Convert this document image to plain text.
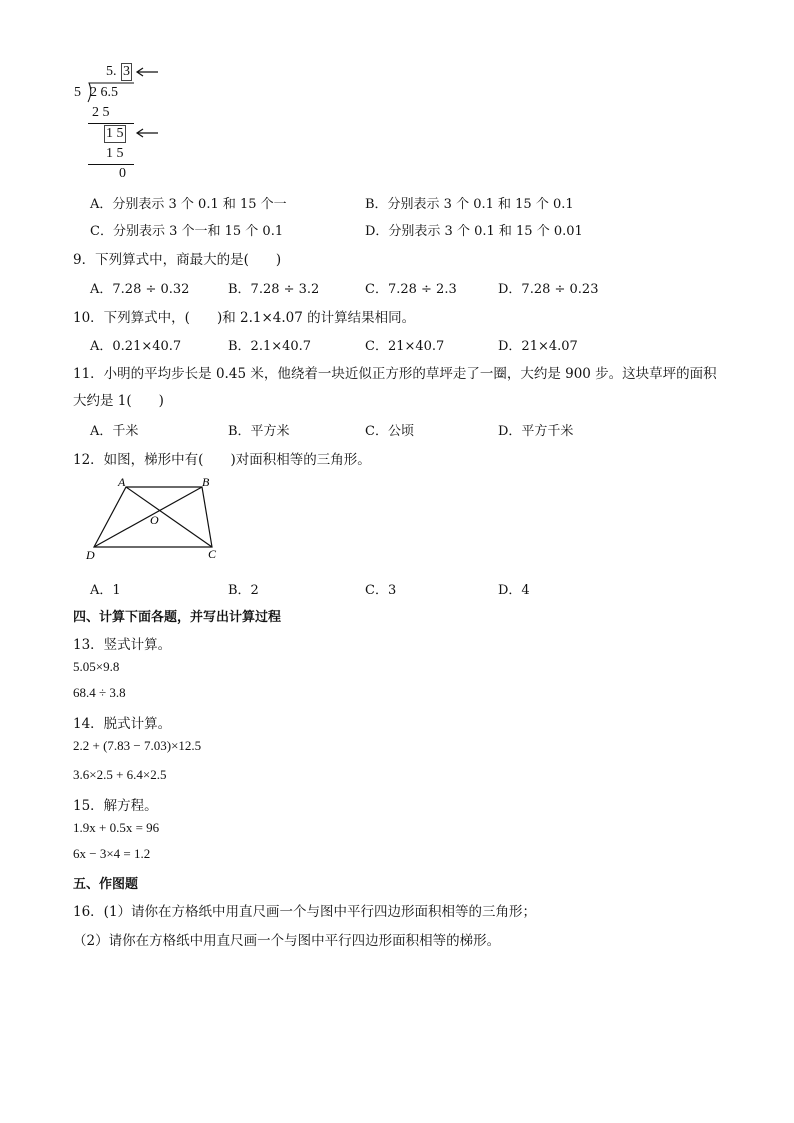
5. 3
5 2 6.5
2 5
1 5
1 5
0
A．分别表示 3 个 0.1 和 15 个一	B．分别表示 3 个 0.1 和 15 个 0.1
C．分别表示 3 个一和 15 个 0.1	D．分别表示 3 个 0.1 和 15 个 0.01
9．下列算式中，商最大的是(　　)
A．7.28 ÷ 0.32	B．7.28 ÷ 3.2	C．7.28 ÷ 2.3	D．7.28 ÷ 0.23
10．下列算式中，(　　)和 2.1×4.07 的计算结果相同。
A．0.21×40.7	B．2.1×40.7	C．21×40.7	D．21×4.07
11．小明的平均步长是 0.45 米，他绕着一块近似正方形的草坪走了一圈，大约是 900 步。这块草坪的面积
大约是 1(　　)
A．千米	B．平方米	C．公顷	D．平方千米
12．如图，梯形中有(　　)对面积相等的三角形。
A	B
C
D
O
A．1	B．2	C．3	D．4
四、计算下面各题，并写出计算过程
13．竖式计算。
5.05×9.8
68.4 ÷ 3.8
14．脱式计算。
2.2 + (7.83 − 7.03)×12.5
3.6×2.5 + 6.4×2.5
15．解方程。
1.9x + 0.5x = 96
6x − 3×4 = 1.2
五、作图题
16．(1）请你在方格纸中用直尺画一个与图中平行四边形面积相等的三角形；
（2）请你在方格纸中用直尺画一个与图中平行四边形面积相等的梯形。
